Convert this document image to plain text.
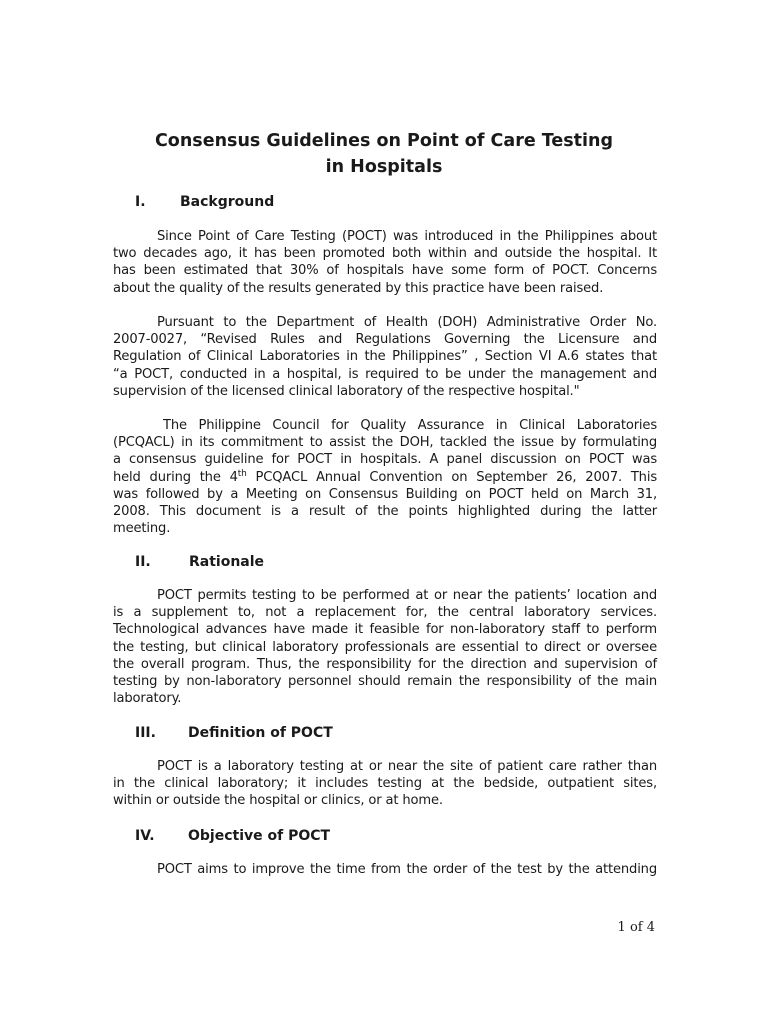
Consensus Guidelines on Point of Care Testing
in Hospitals
I. Background
Since Point of Care Testing (POCT) was introduced in the Philippines about
two decades ago, it has been promoted both within and outside the hospital. It
has been estimated that 30% of hospitals have some form of POCT. Concerns
about the quality of the results generated by this practice have been raised.
Pursuant to the Department of Health (DOH) Administrative Order No.
2007-0027, “Revised Rules and Regulations Governing the Licensure and
Regulation of Clinical Laboratories in the Philippines” , Section VI A.6 states that
“a POCT, conducted in a hospital, is required to be under the management and
supervision of the licensed clinical laboratory of the respective hospital."
The Philippine Council for Quality Assurance in Clinical Laboratories
(PCQACL) in its commitment to assist the DOH, tackled the issue by formulating
a consensus guideline for POCT in hospitals. A panel discussion on POCT was
held during the 4th PCQACL Annual Convention on September 26, 2007. This
was followed by a Meeting on Consensus Building on POCT held on March 31,
2008. This document is a result of the points highlighted during the latter
meeting.
II.	Rationale
POCT permits testing to be performed at or near the patients’ location and
is a supplement to, not a replacement for, the central laboratory services.
Technological advances have made it feasible for non-laboratory staff to perform
the testing, but clinical laboratory professionals are essential to direct or oversee
the overall program. Thus, the responsibility for the direction and supervision of
testing by non-laboratory personnel should remain the responsibility of the main
laboratory.
III. Definition of POCT
POCT is a laboratory testing at or near the site of patient care rather than
in the clinical laboratory; it includes testing at the bedside, outpatient sites,
within or outside the hospital or clinics, or at home.
IV. Objective of POCT
POCT aims to improve the time from the order of the test by the attending
1 of 4
